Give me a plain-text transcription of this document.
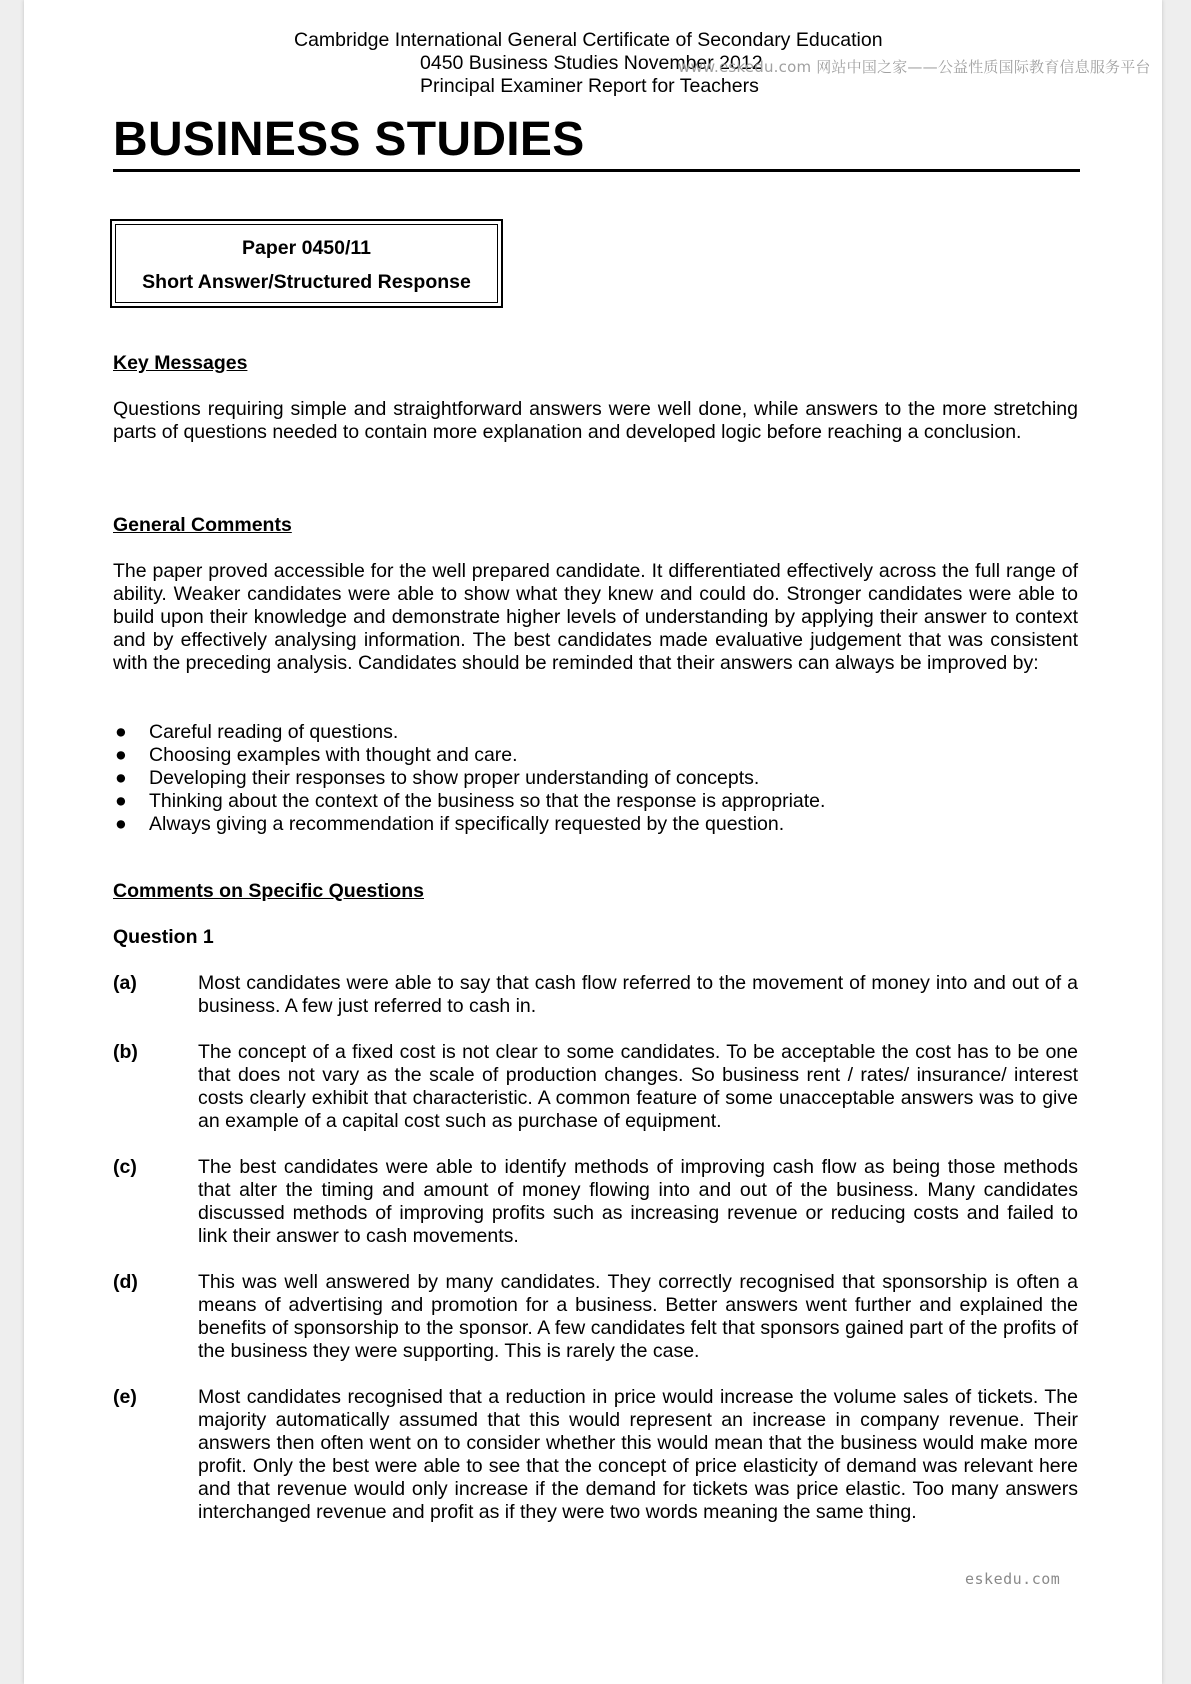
Cambridge International General Certificate of Secondary Education
0450 Business Studies November 2012
Principal Examiner Report for Teachers
www.eskedu.com 网站中国之家——公益性质国际教育信息服务平台
BUSINESS STUDIES
Paper 0450/11
Short Answer/Structured Response
Key Messages
Questions requiring simple and straightforward answers were well done, while answers to the more stretching parts of questions needed to contain more explanation and developed logic before reaching a conclusion.
General Comments
The paper proved accessible for the well prepared candidate. It differentiated effectively across the full range of ability. Weaker candidates were able to show what they knew and could do. Stronger candidates were able to build upon their knowledge and demonstrate higher levels of understanding by applying their answer to context and by effectively analysing information. The best candidates made evaluative judgement that was consistent with the preceding analysis. Candidates should be reminded that their answers can always be improved by:
● Careful reading of questions.
● Choosing examples with thought and care.
● Developing their responses to show proper understanding of concepts.
● Thinking about the context of the business so that the response is appropriate.
● Always giving a recommendation if specifically requested by the question.
Comments on Specific Questions
Question 1
(a)	Most candidates were able to say that cash flow referred to the movement of money into and out of a business. A few just referred to cash in.
(b)	The concept of a fixed cost is not clear to some candidates. To be acceptable the cost has to be one that does not vary as the scale of production changes. So business rent / rates/ insurance/ interest costs clearly exhibit that characteristic. A common feature of some unacceptable answers was to give an example of a capital cost such as purchase of equipment.
(c)	The best candidates were able to identify methods of improving cash flow as being those methods that alter the timing and amount of money flowing into and out of the business. Many candidates discussed methods of improving profits such as increasing revenue or reducing costs and failed to link their answer to cash movements.
(d)	This was well answered by many candidates. They correctly recognised that sponsorship is often a means of advertising and promotion for a business. Better answers went further and explained the benefits of sponsorship to the sponsor. A few candidates felt that sponsors gained part of the profits of the business they were supporting. This is rarely the case.
(e)	Most candidates recognised that a reduction in price would increase the volume sales of tickets. The majority automatically assumed that this would represent an increase in company revenue. Their answers then often went on to consider whether this would mean that the business would make more profit. Only the best were able to see that the concept of price elasticity of demand was relevant here and that revenue would only increase if the demand for tickets was price elastic. Too many answers interchanged revenue and profit as if they were two words meaning the same thing.
eskedu.com
